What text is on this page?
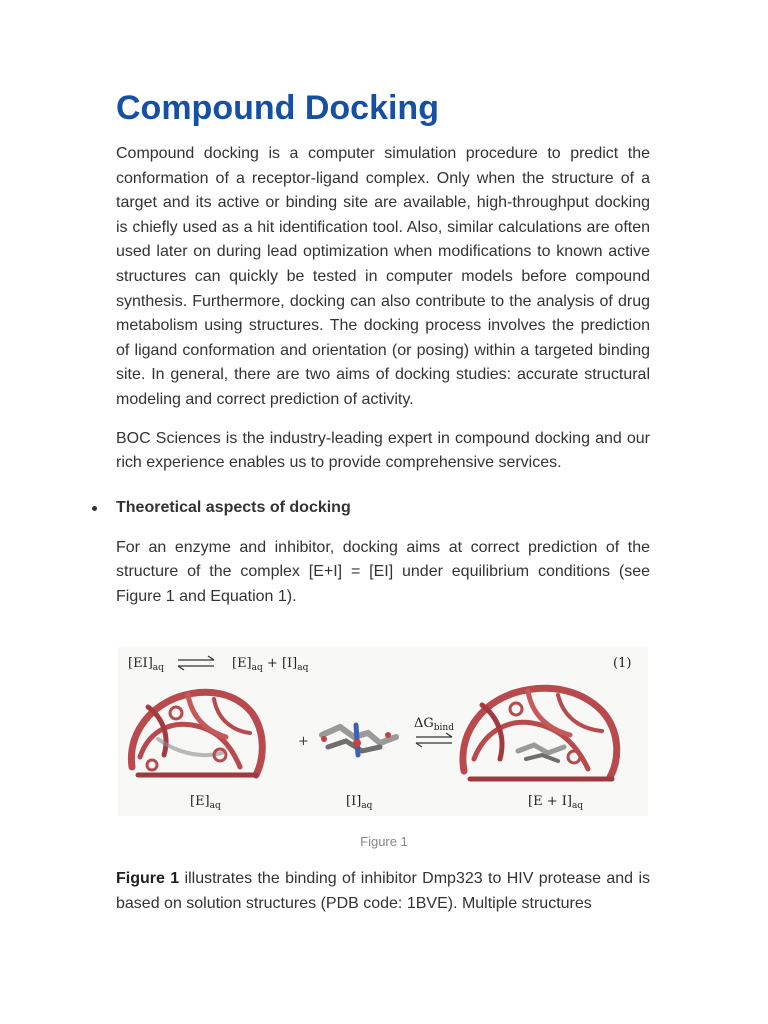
Compound Docking

Compound docking is a computer simulation procedure to predict the conformation of a receptor-ligand complex. Only when the structure of a target and its active or binding site are available, high-throughput docking is chiefly used as a hit identification tool. Also, similar calculations are often used later on during lead optimization when modifications to known active structures can quickly be tested in computer models before compound synthesis. Furthermore, docking can also contribute to the analysis of drug metabolism using structures. The docking process involves the prediction of ligand conformation and orientation (or posing) within a targeted binding site. In general, there are two aims of docking studies: accurate structural modeling and correct prediction of activity.

BOC Sciences is the industry-leading expert in compound docking and our rich experience enables us to provide comprehensive services.

Theoretical aspects of docking

For an enzyme and inhibitor, docking aims at correct prediction of the structure of the complex [E+I] = [EI] under equilibrium conditions (see Figure 1 and Equation 1).

$[EI]_{aq}$	$[E]_{aq} + [I]_{aq}$	(1)
+
$\Delta G_{bind}$
$[E]_{aq}$	$[I]_{aq}$	$[E + I]_{aq}$
Figure 1

Figure 1 illustrates the binding of inhibitor Dmp323 to HIV protease and is based on solution structures (PDB code: 1BVE). Multiple structures
